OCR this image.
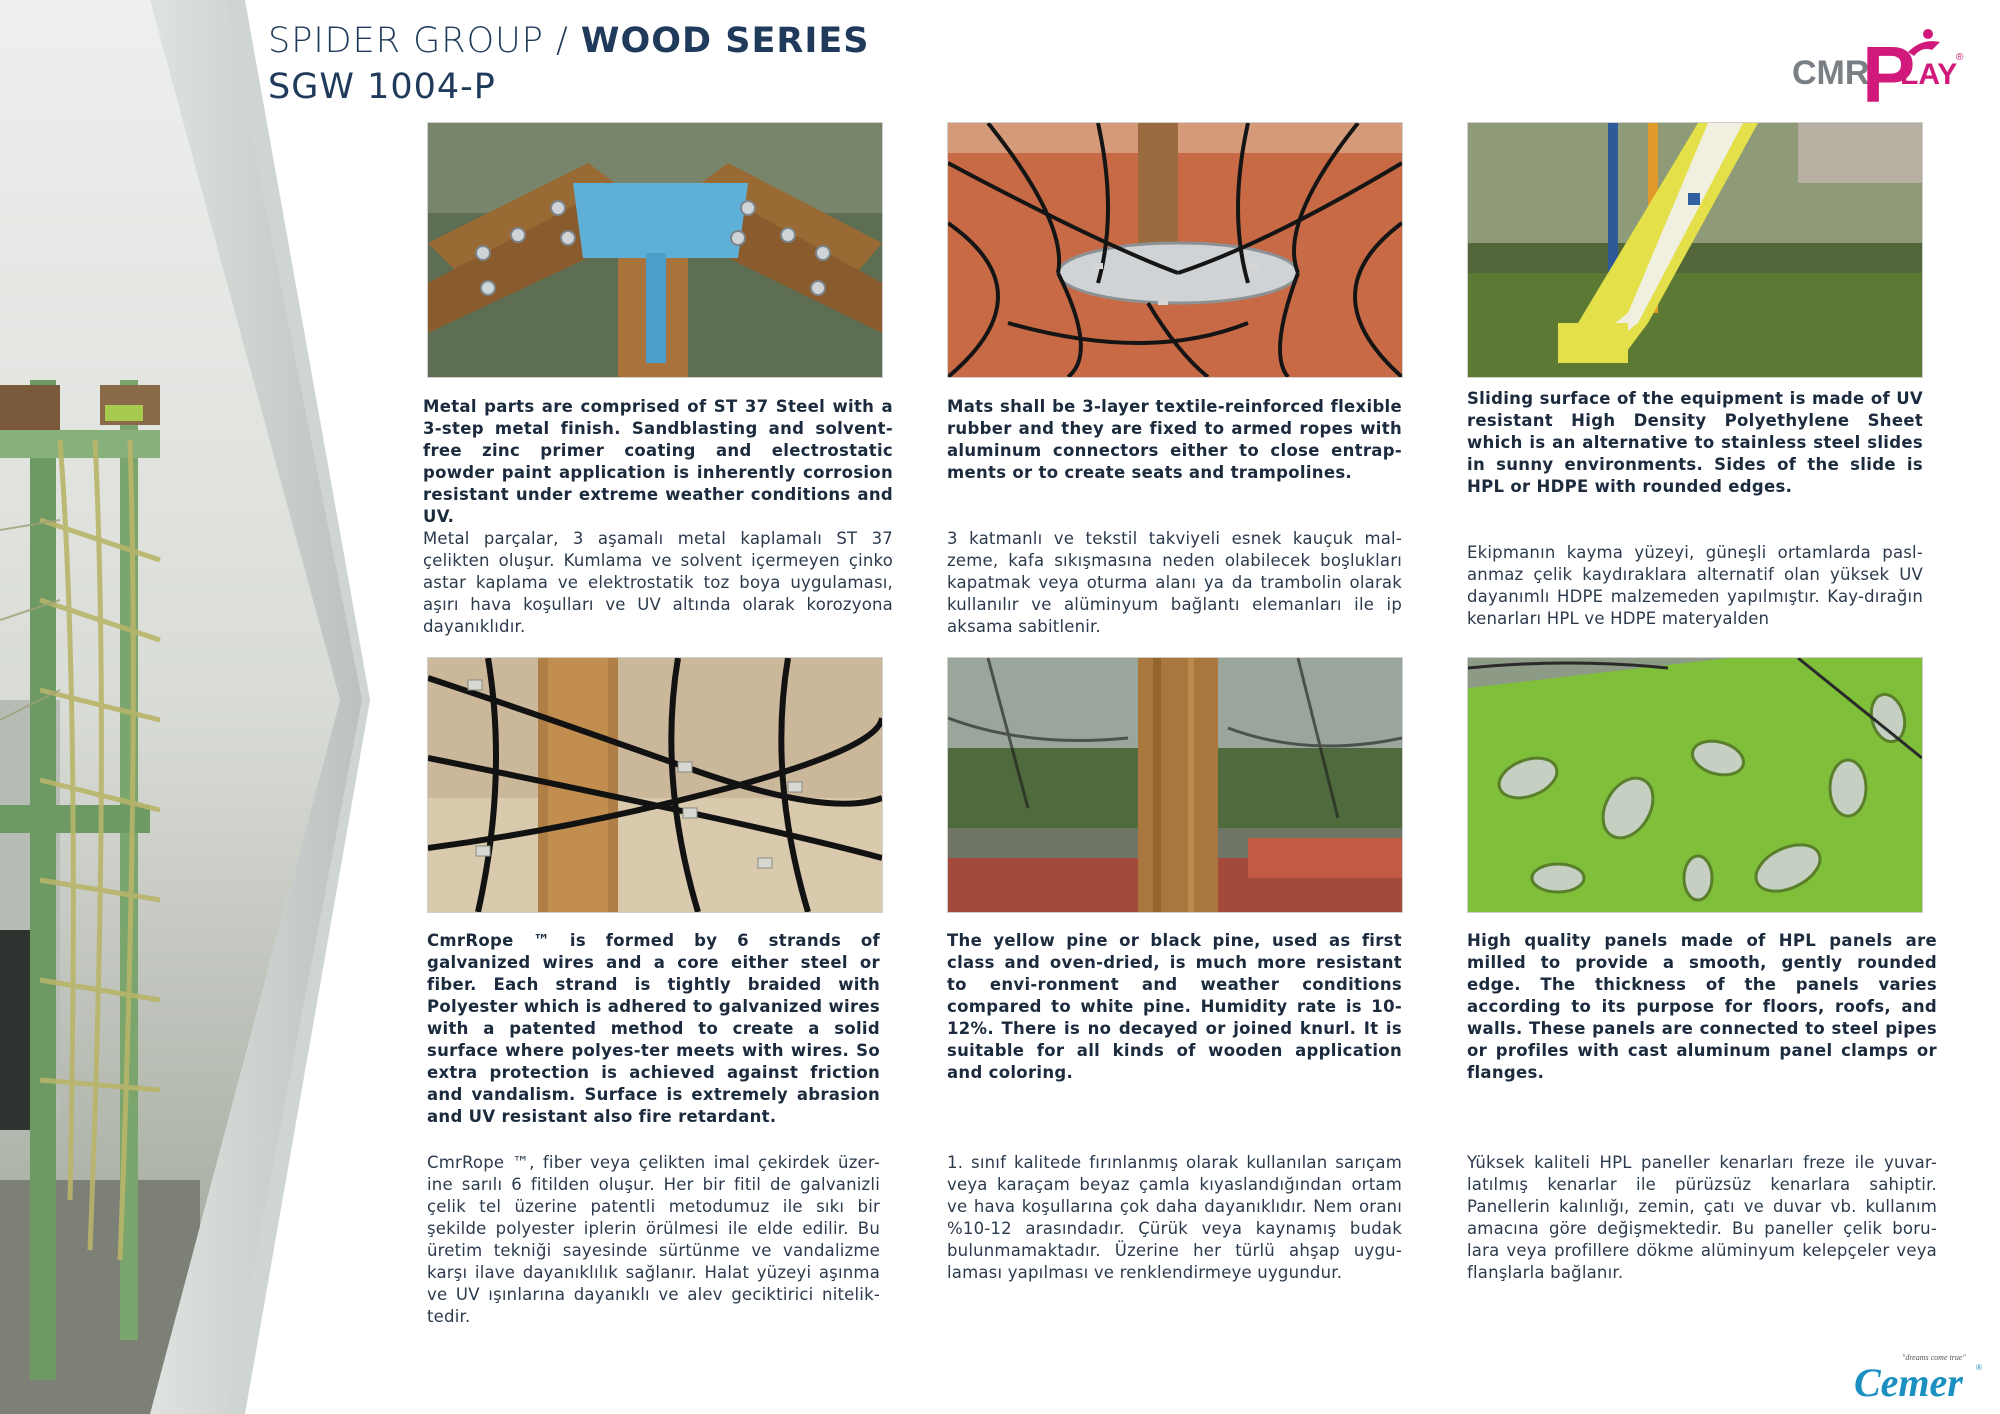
SPIDER GROUP / WOOD SERIES
SGW 1004-P	CMR
P
LAY
®
Metal parts are comprised of ST 37 Steel with a 3-step metal finish. Sandblasting and solvent-free zinc primer coating and electrostatic powder paint application is inherently corrosion resistant under extreme weather conditions and UV.
Metal parçalar, 3 aşamalı metal kaplamalı ST 37 çelikten oluşur. Kumlama ve solvent içermeyen çinko astar kaplama ve elektrostatik toz boya uygulaması, aşırı hava koşulları ve UV altında olarak korozyona dayanıklıdır.
Mats shall be 3-layer textile-reinforced flexible rubber and they are fixed to armed ropes with aluminum connectors either to close entrap-ments or to create seats and trampolines.
3 katmanlı ve tekstil takviyeli esnek kauçuk mal-zeme, kafa sıkışmasına neden olabilecek boşlukları kapatmak veya oturma alanı ya da trambolin olarak kullanılır ve alüminyum bağlantı elemanları ile ip aksama sabitlenir.
Sliding surface of the equipment is made of UV resistant High Density Polyethylene Sheet which is an alternative to stainless steel slides in sunny environments. Sides of the slide is HPL or HDPE with rounded edges.
Ekipmanın kayma yüzeyi, güneşli ortamlarda pasl-anmaz çelik kaydıraklara alternatif olan yüksek UV dayanımlı HDPE malzemeden yapılmıştır. Kay-dırağın kenarları HPL ve HDPE materyalden
CmrRope ™ is formed by 6 strands of galvanized wires and a core either steel or fiber. Each strand is tightly braided with Polyester which is adhered to galvanized wires with a patented method to create a solid surface where polyes-ter meets with wires. So extra protection is achieved against friction and vandalism. Surface is extremely abrasion and UV resistant also fire retardant.
CmrRope ™, fiber veya çelikten imal çekirdek üzer-ine sarılı 6 fitilden oluşur. Her bir fitil de galvanizli çelik tel üzerine patentli metodumuz ile sıkı bir şekilde polyester iplerin örülmesi ile elde edilir. Bu üretim tekniği sayesinde sürtünme ve vandalizme karşı ilave dayanıklılık sağlanır. Halat yüzeyi aşınma ve UV ışınlarına dayanıklı ve alev geciktirici nitelik-tedir.
The yellow pine or black pine, used as first class and oven-dried, is much more resistant to envi-ronment and weather conditions compared to white pine. Humidity rate is 10-12%. There is no decayed or joined knurl. It is suitable for all kinds of wooden application and coloring.
1. sınıf kalitede fırınlanmış olarak kullanılan sarıçam veya karaçam beyaz çamla kıyaslandığından ortam ve hava koşullarına çok daha dayanıklıdır. Nem oranı %10-12 arasındadır. Çürük veya kaynamış budak bulunmamaktadır. Üzerine her türlü ahşap uygu-laması yapılması ve renklendirmeye uygundur.
High quality panels made of HPL panels are milled to provide a smooth, gently rounded edge. The thickness of the panels varies according to its purpose for floors, roofs, and walls. These panels are connected to steel pipes or profiles with cast aluminum panel clamps or flanges.
Yüksek kaliteli HPL paneller kenarları freze ile yuvar-latılmış kenarlar ile pürüzsüz kenarlara sahiptir. Panellerin kalınlığı, zemin, çatı ve duvar vb. kullanım amacına göre değişmektedir. Bu paneller çelik boru-lara veya profillere dökme alüminyum kelepçeler veya flanşlarla bağlanır.
"dreams come true"
Cemer ®
